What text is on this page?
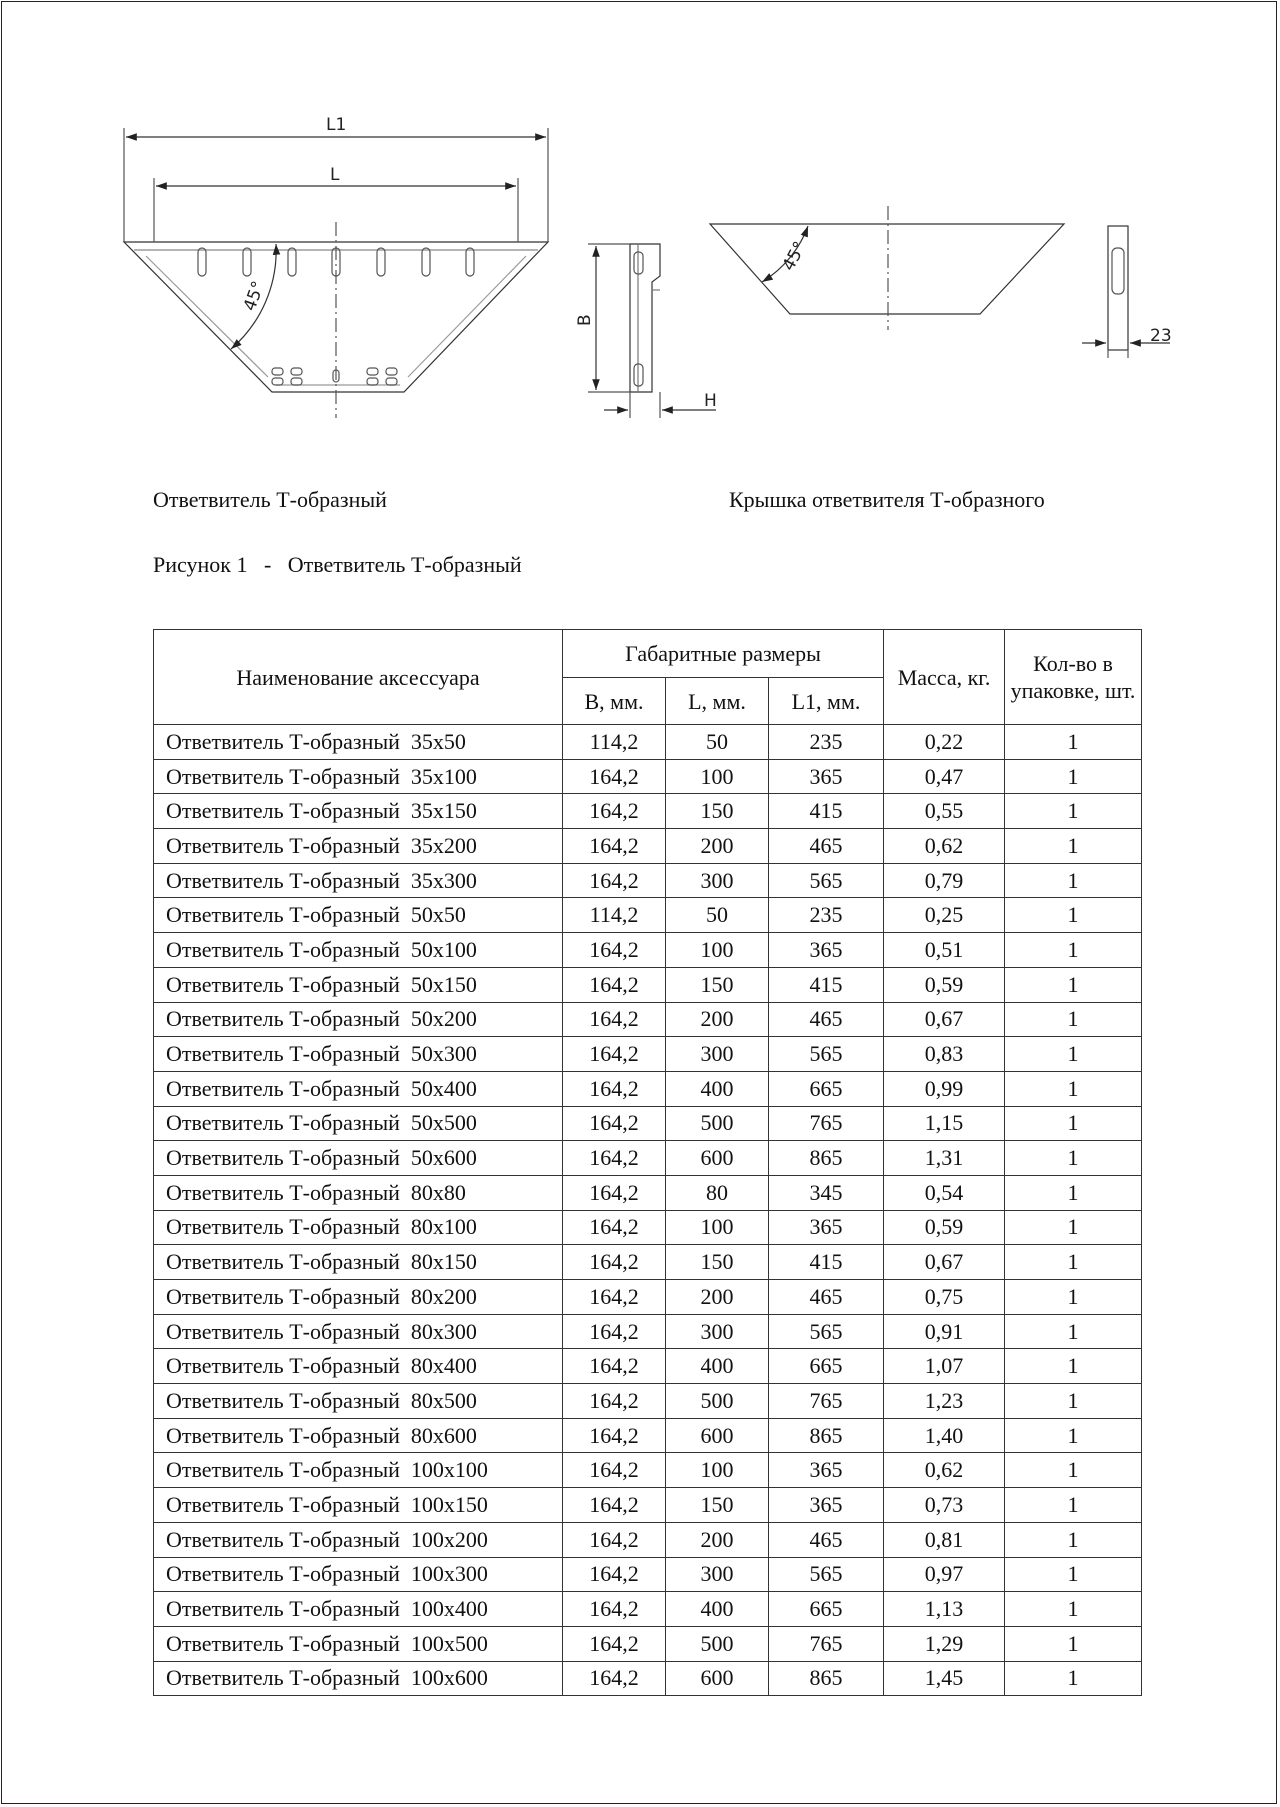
L1
L
45°
B
H
45°
23
Ответвитель Т-образный	Крышка ответвителя Т-образного
Рисунок 1   -   Ответвитель Т-образный
Наименование аксессуара	Габаритные размеры			Масса, кг.	Кол-во в упаковке, шт.
	В, мм.	L, мм.	L1, мм.		
Ответвитель Т-образный  35х50	114,2	50	235	0,22	1
Ответвитель Т-образный  35х100	164,2	100	365	0,47	1
Ответвитель Т-образный  35х150	164,2	150	415	0,55	1
Ответвитель Т-образный  35х200	164,2	200	465	0,62	1
Ответвитель Т-образный  35х300	164,2	300	565	0,79	1
Ответвитель Т-образный  50х50	114,2	50	235	0,25	1
Ответвитель Т-образный  50х100	164,2	100	365	0,51	1
Ответвитель Т-образный  50х150	164,2	150	415	0,59	1
Ответвитель Т-образный  50х200	164,2	200	465	0,67	1
Ответвитель Т-образный  50х300	164,2	300	565	0,83	1
Ответвитель Т-образный  50х400	164,2	400	665	0,99	1
Ответвитель Т-образный  50х500	164,2	500	765	1,15	1
Ответвитель Т-образный  50х600	164,2	600	865	1,31	1
Ответвитель Т-образный  80х80	164,2	80	345	0,54	1
Ответвитель Т-образный  80х100	164,2	100	365	0,59	1
Ответвитель Т-образный  80х150	164,2	150	415	0,67	1
Ответвитель Т-образный  80х200	164,2	200	465	0,75	1
Ответвитель Т-образный  80х300	164,2	300	565	0,91	1
Ответвитель Т-образный  80х400	164,2	400	665	1,07	1
Ответвитель Т-образный  80х500	164,2	500	765	1,23	1
Ответвитель Т-образный  80х600	164,2	600	865	1,40	1
Ответвитель Т-образный  100х100	164,2	100	365	0,62	1
Ответвитель Т-образный  100х150	164,2	150	365	0,73	1
Ответвитель Т-образный  100х200	164,2	200	465	0,81	1
Ответвитель Т-образный  100х300	164,2	300	565	0,97	1
Ответвитель Т-образный  100х400	164,2	400	665	1,13	1
Ответвитель Т-образный  100х500	164,2	500	765	1,29	1
Ответвитель Т-образный  100х600	164,2	600	865	1,45	1
